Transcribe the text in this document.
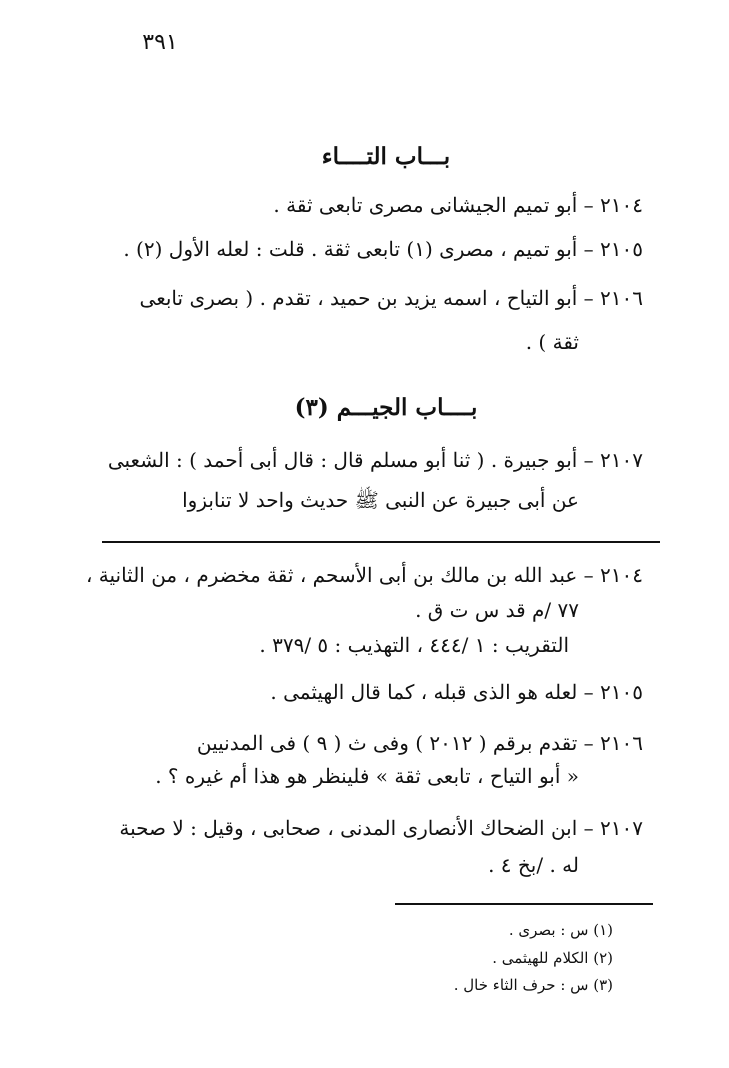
٣٩١
بـــاب التــــاء
٢١٠٤ – أبو تميم الجيشانى مصرى تابعى ثقة .
٢١٠٥ – أبو تميم ، مصرى (١) تابعى ثقة . قلت : لعله الأول (٢) .
٢١٠٦ – أبو التياح ، اسمه يزيد بن حميد ، تقدم . ( بصرى تابعى
ثقة ) .
بــــاب الجيـــم (٣)
٢١٠٧ – أبو جبيرة . ( ثنا أبو مسلم قال : قال أبى أحمد ) : الشعبى
عن أبى جبيرة عن النبى ﷺ حديث واحد لا تنابزوا
٢١٠٤ – عبد الله بن مالك بن أبى الأسحم ، ثقة مخضرم ، من الثانية ،
٧٧ /م قد س ت ق .
التقريب : ١ /٤٤٤ ، التهذيب : ٥ /٣٧٩ .
٢١٠٥ – لعله هو الذى قبله ، كما قال الهيثمى .
٢١٠٦ – تقدم برقم ( ٢٠١٢ ) وفى ث ( ٩ ) فى المدنيين
« أبو التياح ، تابعى ثقة » فلينظر هو هذا أم غيره ؟ .
٢١٠٧ – ابن الضحاك الأنصارى المدنى ، صحابى ، وقيل : لا صحبة
له . /بخ ٤ .
(١) س : بصرى .
(٢) الكلام للهيثمى .
(٣) س : حرف الثاء خال .
